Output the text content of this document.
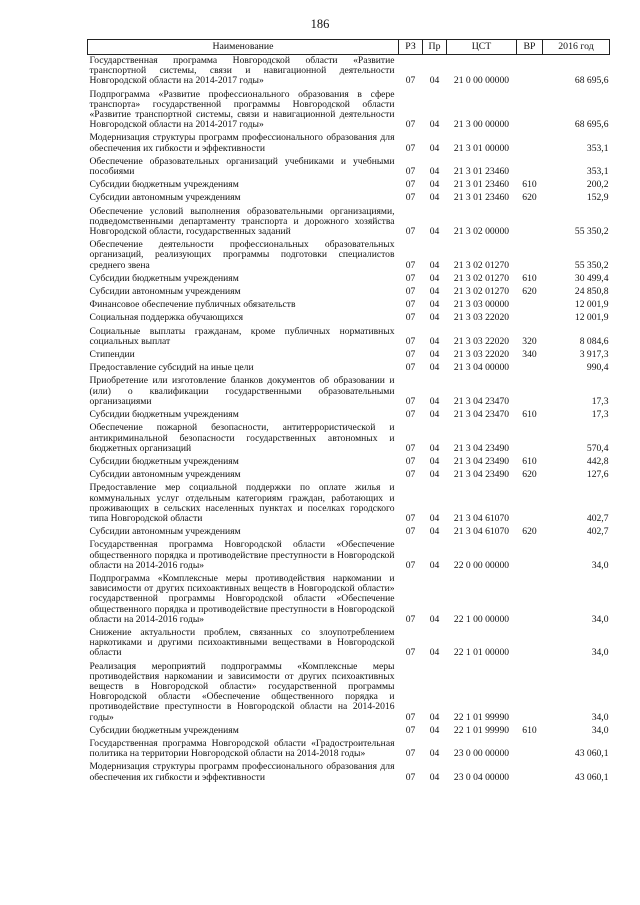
186
Наименование	РЗ	Пр	ЦСТ	ВР	2016 год
Государственная программа Новгородской области «Развитие транспортной системы, связи и навигационной деятельности Новгородской области на 2014-2017 годы»	07	04	21 0 00 00000		68 695,6
Подпрограмма «Развитие профессионального образования в сфере транспорта» государственной программы Новгородской области «Развитие транспортной системы, связи и навигационной деятельности Новгородской области на 2014-2017 годы»	07	04	21 3 00 00000		68 695,6
Модернизация структуры программ профессионального образования для обеспечения их гибкости и эффективности	07	04	21 3 01 00000		353,1
Обеспечение образовательных организаций учебниками и учебными пособиями	07	04	21 3 01 23460		353,1
Субсидии бюджетным учреждениям	07	04	21 3 01 23460	610	200,2
Субсидии автономным учреждениям	07	04	21 3 01 23460	620	152,9
Обеспечение условий выполнения образовательными организациями, подведомственными департаменту транспорта и дорожного хозяйства Новгородской области, государственных заданий	07	04	21 3 02 00000		55 350,2
Обеспечение деятельности профессиональных образовательных организаций, реализующих программы подготовки специалистов среднего звена	07	04	21 3 02 01270		55 350,2
Субсидии бюджетным учреждениям	07	04	21 3 02 01270	610	30 499,4
Субсидии автономным учреждениям	07	04	21 3 02 01270	620	24 850,8
Финансовое обеспечение публичных обязательств	07	04	21 3 03 00000		12 001,9
Социальная поддержка обучающихся	07	04	21 3 03 22020		12 001,9
Социальные выплаты гражданам, кроме публичных нормативных социальных выплат	07	04	21 3 03 22020	320	8 084,6
Стипендии	07	04	21 3 03 22020	340	3 917,3
Предоставление субсидий на иные цели	07	04	21 3 04 00000		990,4
Приобретение или изготовление бланков документов об образовании и (или) о квалификации государственными образовательными организациями	07	04	21 3 04 23470		17,3
Субсидии бюджетным учреждениям	07	04	21 3 04 23470	610	17,3
Обеспечение пожарной безопасности, антитеррористической и антикриминальной безопасности государственных автономных и бюджетных организаций	07	04	21 3 04 23490		570,4
Субсидии бюджетным учреждениям	07	04	21 3 04 23490	610	442,8
Субсидии автономным учреждениям	07	04	21 3 04 23490	620	127,6
Предоставление мер социальной поддержки по оплате жилья и коммунальных услуг отдельным категориям граждан, работающих и проживающих в сельских населенных пунктах и поселках городского типа Новгородской области	07	04	21 3 04 61070		402,7
Субсидии автономным учреждениям	07	04	21 3 04 61070	620	402,7
Государственная программа Новгородской области «Обеспечение общественного порядка и противодействие преступности в Новгородской области на 2014-2016 годы»	07	04	22 0 00 00000		34,0
Подпрограмма «Комплексные меры противодействия наркомании и зависимости от других психоактивных веществ в Новгородской области» государственной программы Новгородской области «Обеспечение общественного порядка и противодействие преступности в Новгородской области на 2014-2016 годы»	07	04	22 1 00 00000		34,0
Снижение актуальности проблем, связанных со злоупотреблением наркотиками и другими психоактивными веществами в Новгородской области	07	04	22 1 01 00000		34,0
Реализация мероприятий подпрограммы «Комплексные меры противодействия наркомании и зависимости от других психоактивных веществ в Новгородской области» государственной программы Новгородской области «Обеспечение общественного порядка и противодействие преступности в Новгородской области на 2014-2016 годы»	07	04	22 1 01 99990		34,0
Субсидии бюджетным учреждениям	07	04	22 1 01 99990	610	34,0
Государственная программа Новгородской области «Градостроительная политика на территории Новгородской области на 2014-2018 годы»	07	04	23 0 00 00000		43 060,1
Модернизация структуры программ профессионального образования для обеспечения их гибкости и эффективности	07	04	23 0 04 00000		43 060,1
